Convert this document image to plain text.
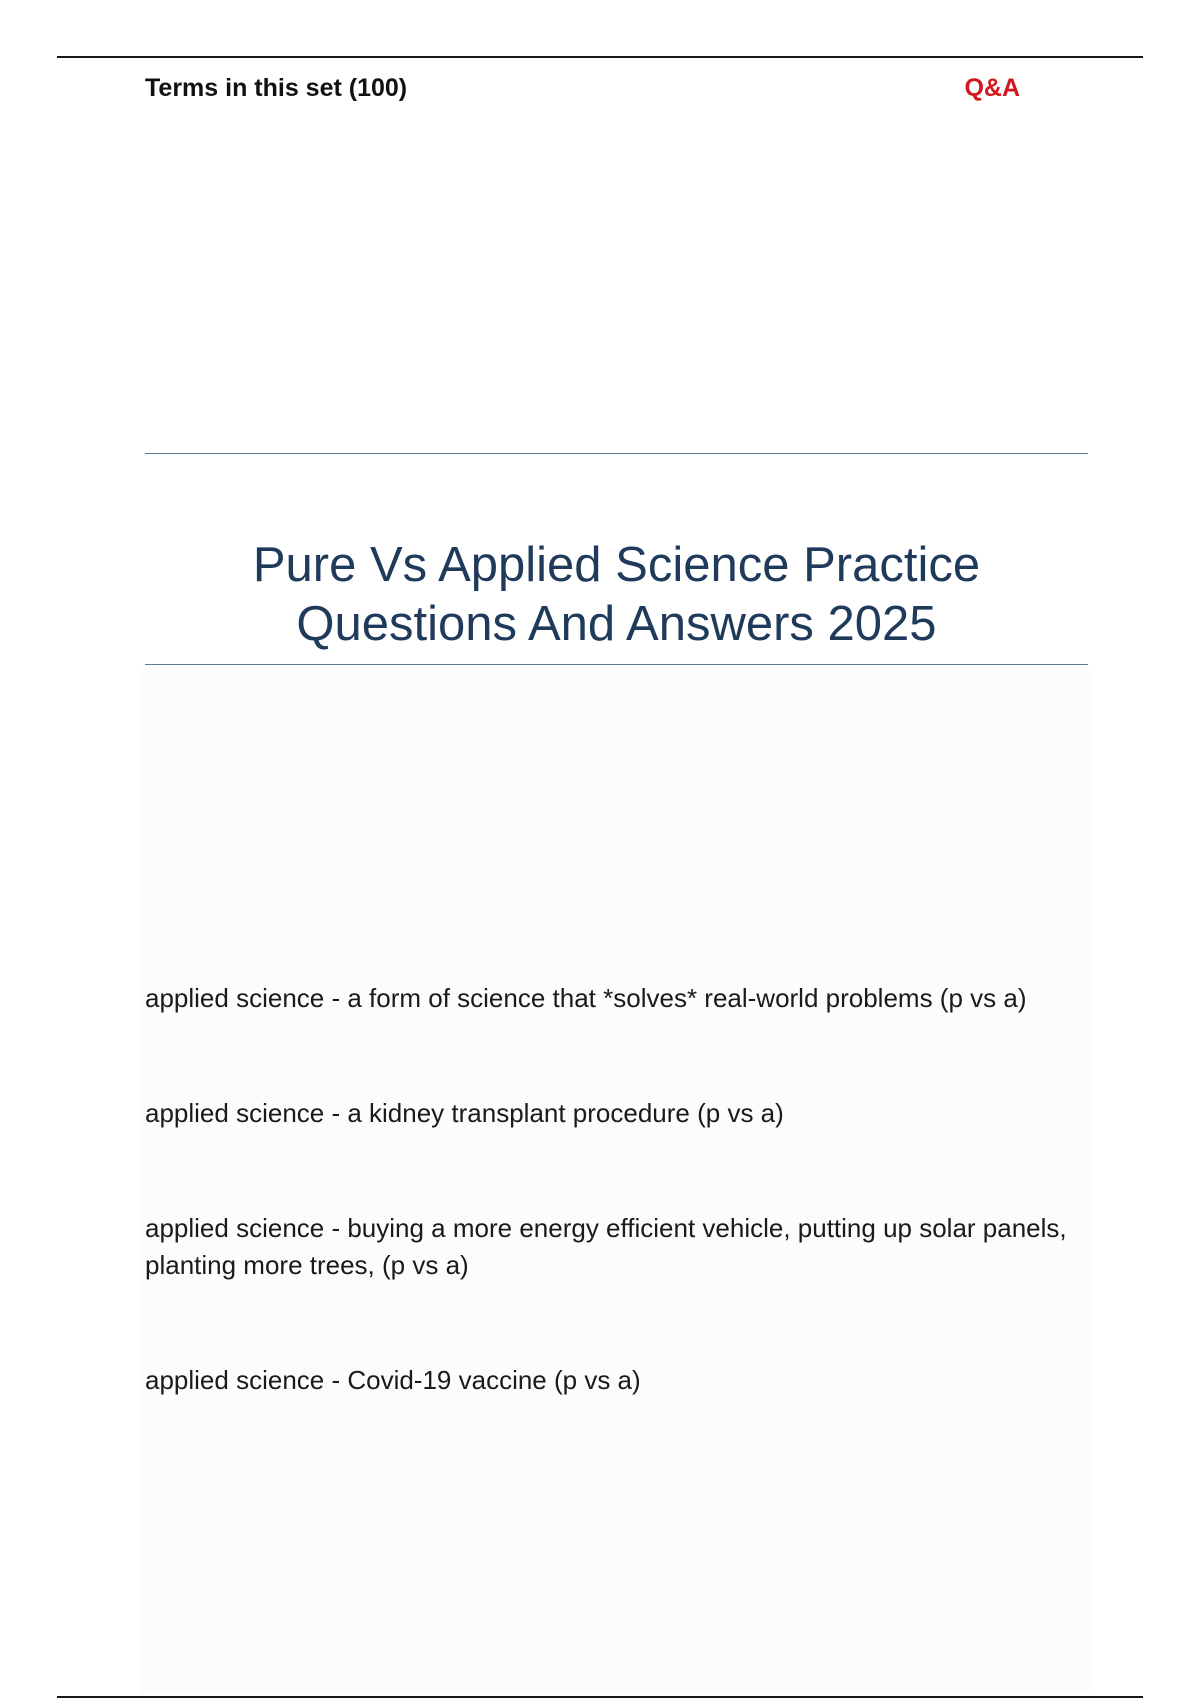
Terms in this set (100)	Q&A
Pure Vs Applied Science Practice
Questions And Answers 2025
applied science - a form of science that *solves* real-world problems (p vs a)
applied science - a kidney transplant procedure (p vs a)
applied science - buying a more energy efficient vehicle, putting up solar panels, planting more trees, (p vs a)
applied science - Covid-19 vaccine (p vs a)
